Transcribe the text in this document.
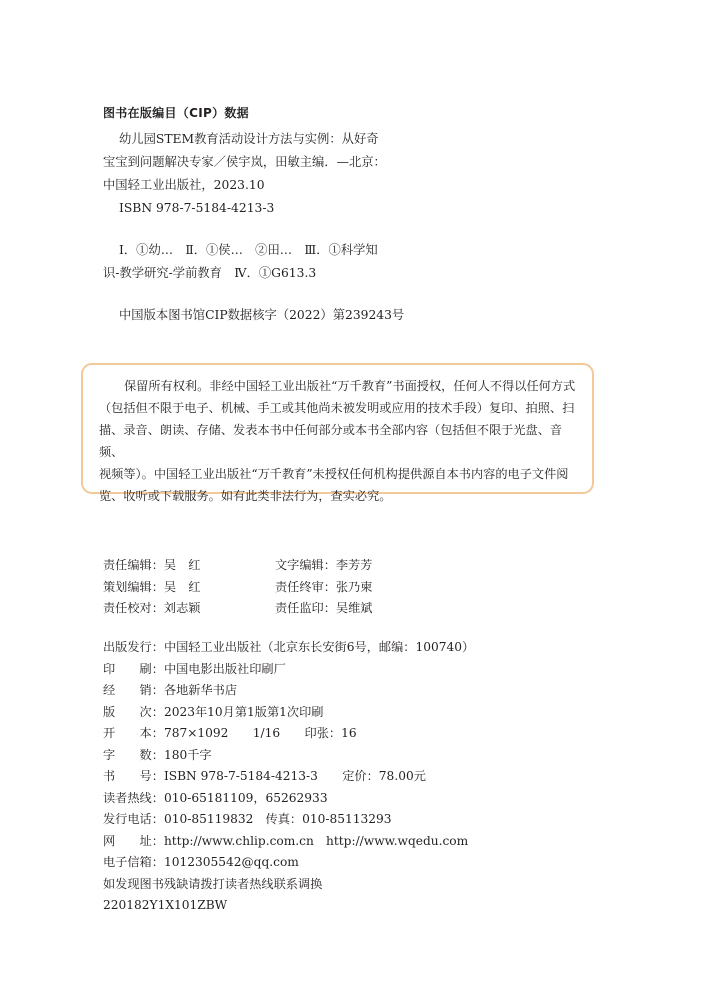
图书在版编目（CIP）数据
幼儿园STEM教育活动设计方法与实例：从好奇
宝宝到问题解决专家／侯宇岚，田敏主编．—北京：
中国轻工业出版社，2023.10
ISBN 978-7-5184-4213-3
Ⅰ．①幼…　Ⅱ．①侯…　②田…　Ⅲ．①科学知
识-教学研究-学前教育　Ⅳ．①G613.3
中国版本图书馆CIP数据核字（2022）第239243号
保留所有权利。非经中国轻工业出版社“万千教育”书面授权，任何人不得以任何方式
（包括但不限于电子、机械、手工或其他尚未被发明或应用的技术手段）复印、拍照、扫
描、录音、朗读、存储、发表本书中任何部分或本书全部内容（包括但不限于光盘、音频、
视频等）。中国轻工业出版社“万千教育”未授权任何机构提供源自本书内容的电子文件阅
览、收听或下载服务。如有此类非法行为，查实必究。
责任编辑：吴　红	文字编辑：李芳芳
策划编辑：吴　红	责任终审：张乃柬
责任校对：刘志颖	责任监印：吴维斌
出版发行：中国轻工业出版社（北京东长安街6号，邮编：100740）
印　　刷：中国电影出版社印刷厂
经　　销：各地新华书店
版　　次：2023年10月第1版第1次印刷
开　　本：787×1092　　1/16　　印张：16
字　　数：180千字
书　　号：ISBN 978-7-5184-4213-3　　定价：78.00元
读者热线：010-65181109，65262933
发行电话：010-85119832　传真：010-85113293
网　　址：http://www.chlip.com.cn　http://www.wqedu.com
电子信箱：1012305542@qq.com
如发现图书残缺请拨打读者热线联系调换
220182Y1X101ZBW
